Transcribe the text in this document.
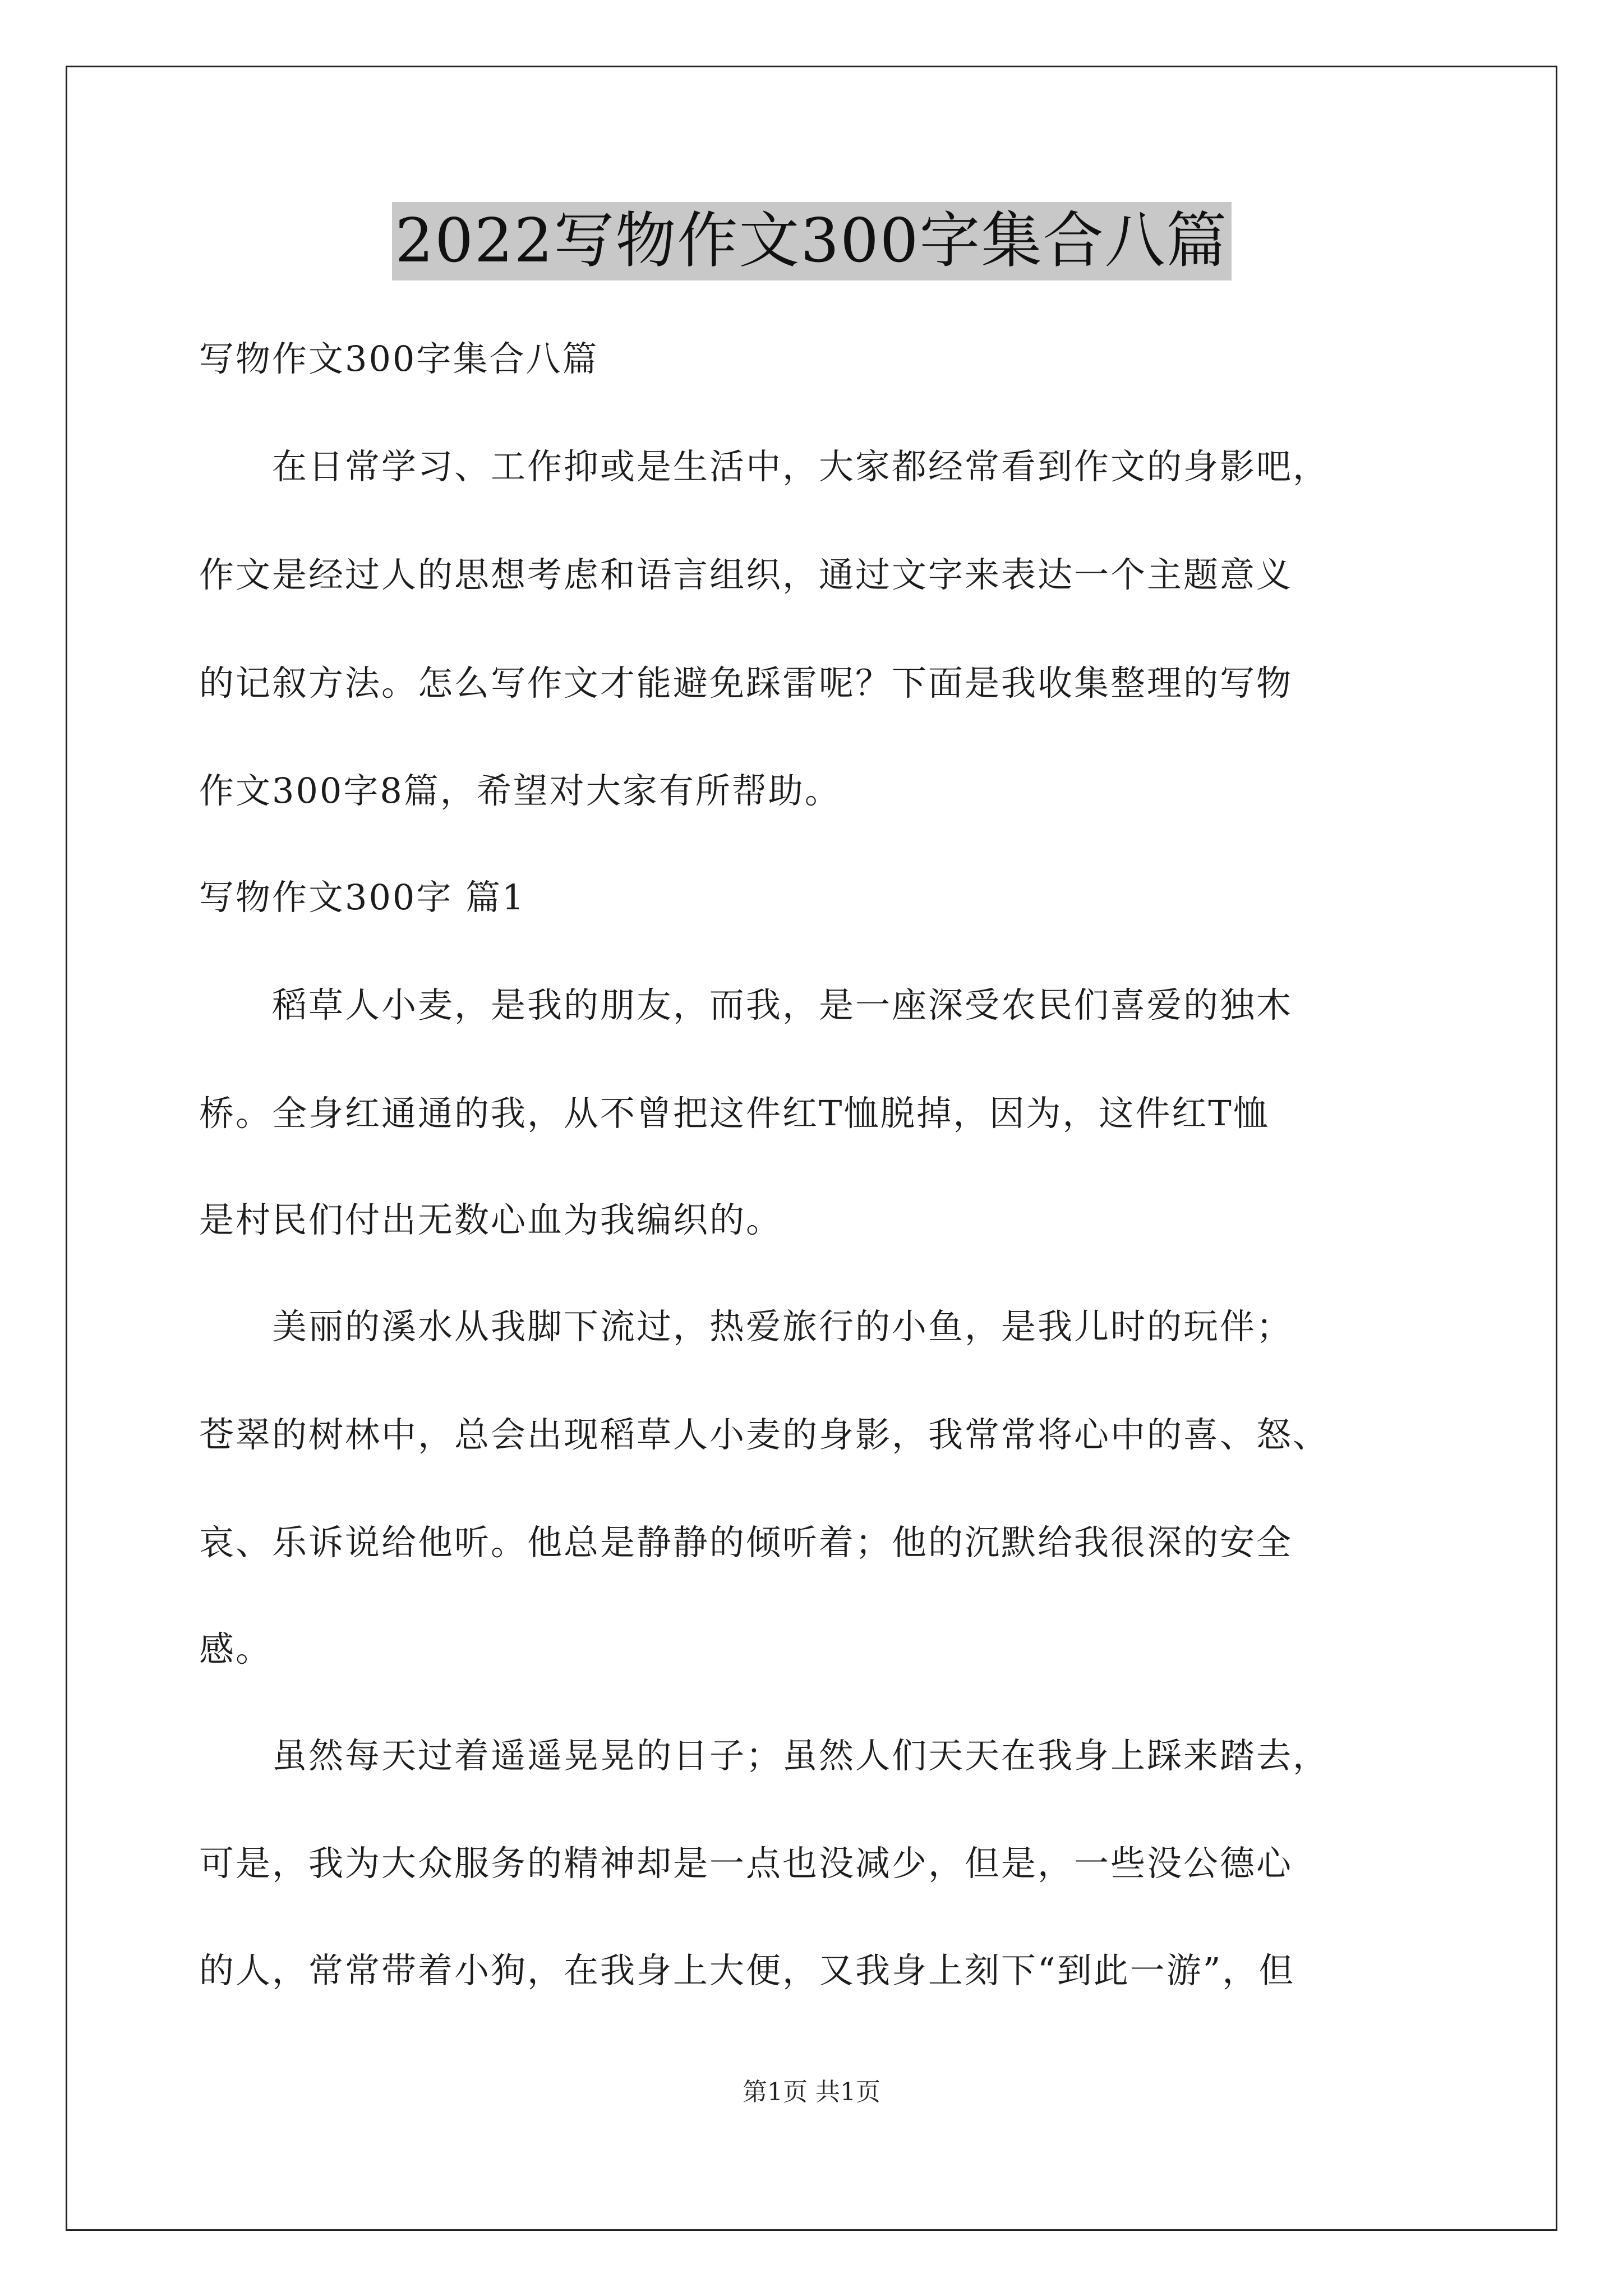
2022写物作文300字集合八篇
写物作文300字集合八篇
　　在日常学习、工作抑或是生活中，大家都经常看到作文的身影吧，
作文是经过人的思想考虑和语言组织，通过文字来表达一个主题意义
的记叙方法。怎么写作文才能避免踩雷呢？下面是我收集整理的写物
作文300字8篇，希望对大家有所帮助。
写物作文300字 篇1
　　稻草人小麦，是我的朋友，而我，是一座深受农民们喜爱的独木
桥。全身红通通的我，从不曾把这件红T恤脱掉，因为，这件红T恤
是村民们付出无数心血为我编织的。
　　美丽的溪水从我脚下流过，热爱旅行的小鱼，是我儿时的玩伴；
苍翠的树林中，总会出现稻草人小麦的身影，我常常将心中的喜、怒、
哀、乐诉说给他听。他总是静静的倾听着；他的沉默给我很深的安全
感。
　　虽然每天过着遥遥晃晃的日子；虽然人们天天在我身上踩来踏去，
可是，我为大众服务的精神却是一点也没减少，但是，一些没公德心
的人，常常带着小狗，在我身上大便，又我身上刻下“到此一游”，但
第1页 共1页
